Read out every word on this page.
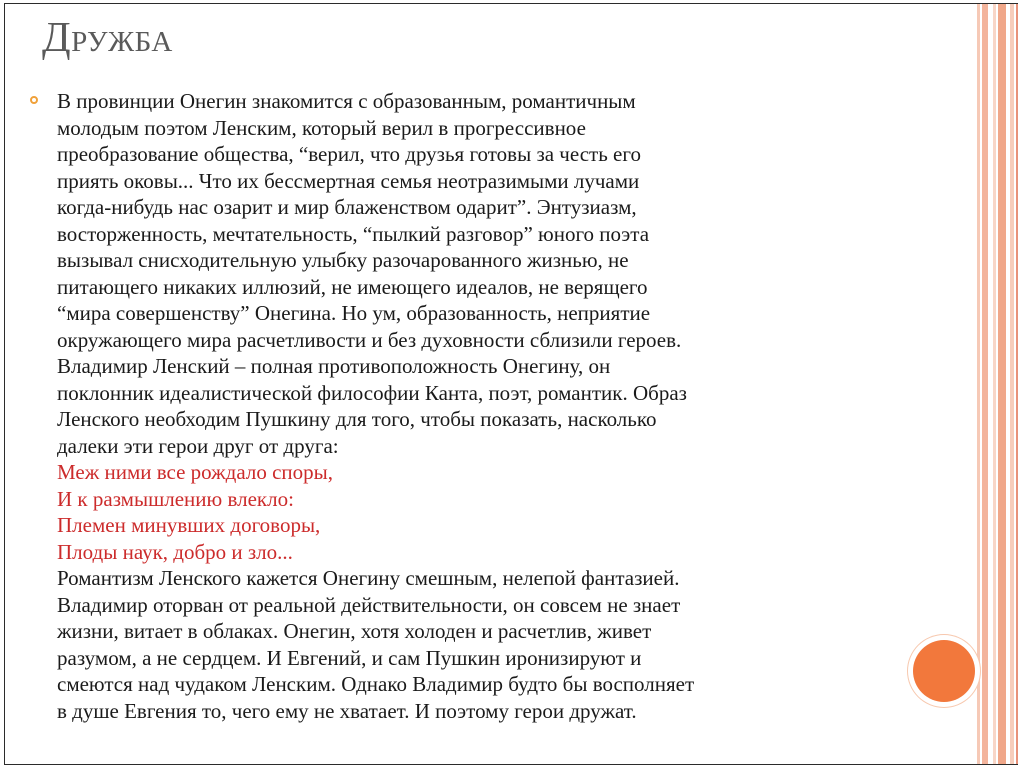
Дружба
В провинции Онегин знакомится с образованным, романтичным
молодым поэтом Ленским, который верил в прогрессивное
преобразование общества, “верил, что друзья готовы за честь его
приять оковы... Что их бессмертная семья неотразимыми лучами
когда-нибудь нас озарит и мир блаженством одарит”. Энтузиазм,
восторженность, мечтательность, “пылкий разговор” юного поэта
вызывал снисходительную улыбку разочарованного жизнью, не
питающего никаких иллюзий, не имеющего идеалов, не верящего
“мира совершенству” Онегина. Но ум, образованность, неприятие
окружающего мира расчетливости и без духовности сблизили героев.
Владимир Ленский – полная противоположность Онегину, он
поклонник идеалистической философии Канта, поэт, романтик. Образ
Ленского необходим Пушкину для того, чтобы показать, насколько
далеки эти герои друг от друга:
Меж ними все рождало споры,
И к размышлению влекло:
Племен минувших договоры,
Плоды наук, добро и зло...
Романтизм Ленского кажется Онегину смешным, нелепой фантазией.
Владимир оторван от реальной действительности, он совсем не знает
жизни, витает в облаках. Онегин, хотя холоден и расчетлив, живет
разумом, а не сердцем. И Евгений, и сам Пушкин иронизируют и
смеются над чудаком Ленским. Однако Владимир будто бы восполняет
в душе Евгения то, чего ему не хватает. И поэтому герои дружат.
